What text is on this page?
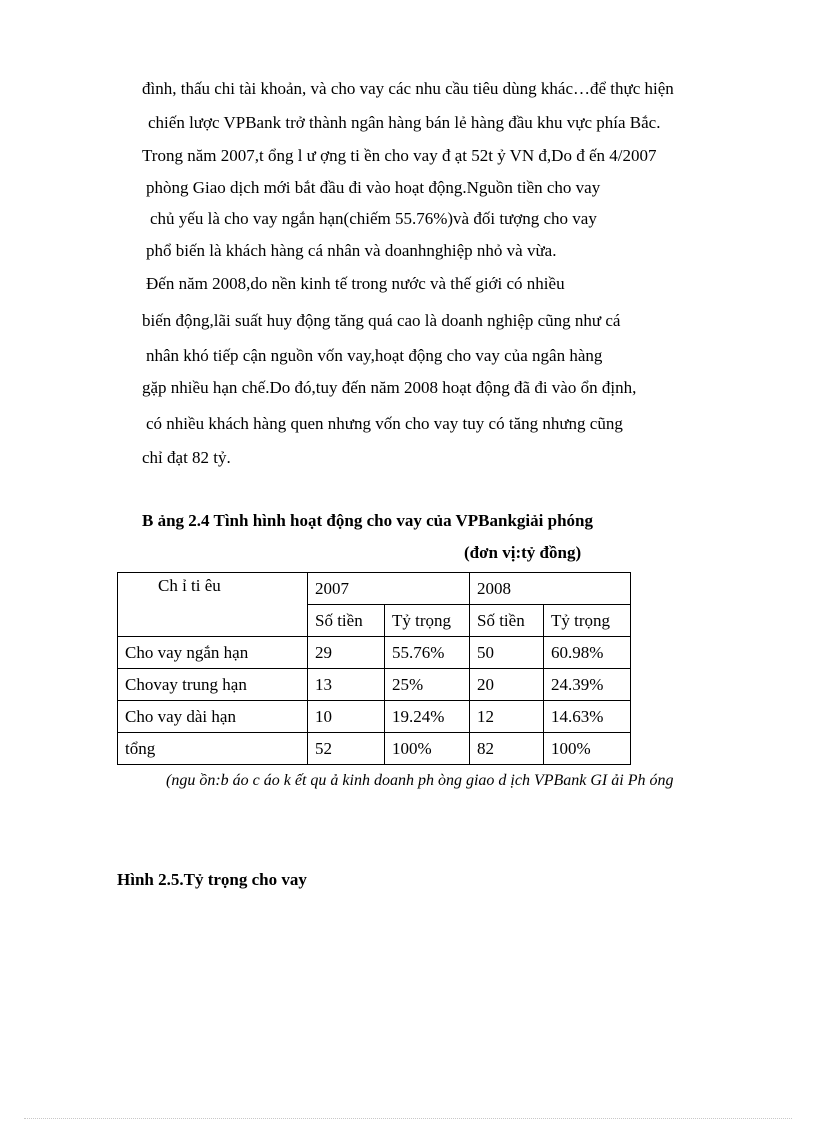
đình, thấu chi tài khoản, và cho vay các nhu cầu tiêu dùng khác…để thực hiện
chiến lược VPBank trở thành ngân hàng bán lẻ hàng đầu khu vực phía Bắc.
Trong năm 2007,t ổng l ư ợng ti ền cho vay đ ạt 52t ỷ VN đ,Do đ ến 4/2007
phòng Giao dịch mới bắt đầu đi vào hoạt động.Nguồn tiền cho vay
chủ yếu là cho vay ngắn hạn(chiếm 55.76%)và đối tượng cho vay
phổ biến là khách hàng cá nhân và doanhnghiệp nhỏ và vừa.
Đến năm 2008,do nền kinh tế trong nước và thế giới có nhiều
biến động,lãi suất huy động tăng quá cao là doanh nghiệp cũng như cá
nhân khó tiếp cận nguồn vốn vay,hoạt động cho vay của ngân hàng
gặp nhiều hạn chế.Do đó,tuy đến năm 2008 hoạt động đã đi vào ổn định,
có nhiều khách hàng quen nhưng vốn cho vay tuy có tăng nhưng cũng
chỉ đạt 82 tỷ.
B ảng 2.4 Tình hình hoạt động cho vay của VPBankgiải phóng
(đơn vị:tỷ đồng)
Ch ỉ ti êu	2007		2008	
	Số tiền	Tỷ trọng	Số tiền	Tỷ trọng
Cho vay ngắn hạn	29	55.76%	50	60.98%
Chovay trung hạn	13	25%	20	24.39%
Cho vay dài hạn	10	19.24%	12	14.63%
tổng	52	100%	82	100%
(ngu ồn:b áo c áo k ết qu ả kinh doanh ph òng giao d ịch VPBank GI ải Ph óng
Hình 2.5.Tỷ trọng cho vay
